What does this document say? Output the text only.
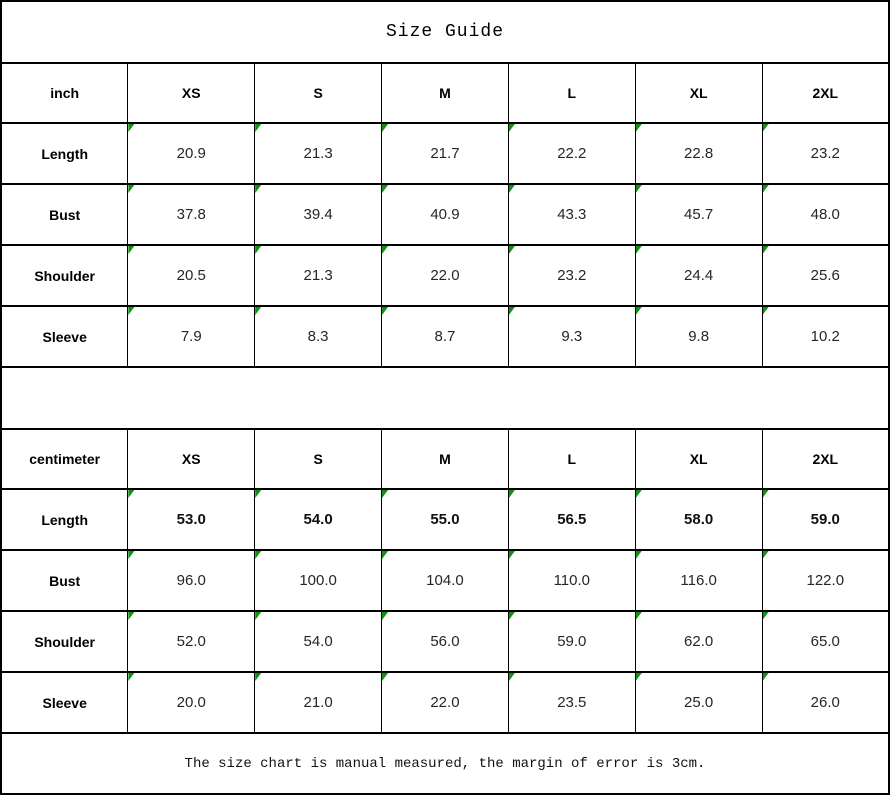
Size Guide						
inch	XS	S	M	L	XL	2XL
Length	20.9	21.3	21.7	22.2	22.8	23.2
Bust	37.8	39.4	40.9	43.3	45.7	48.0
Shoulder	20.5	21.3	22.0	23.2	24.4	25.6
Sleeve	7.9	8.3	8.7	9.3	9.8	10.2

centimeter	XS	S	M	L	XL	2XL
Length	53.0	54.0	55.0	56.5	58.0	59.0
Bust	96.0	100.0	104.0	110.0	116.0	122.0
Shoulder	52.0	54.0	56.0	59.0	62.0	65.0
Sleeve	20.0	21.0	22.0	23.5	25.0	26.0
The size chart is manual measured, the margin of error is 3cm.						
